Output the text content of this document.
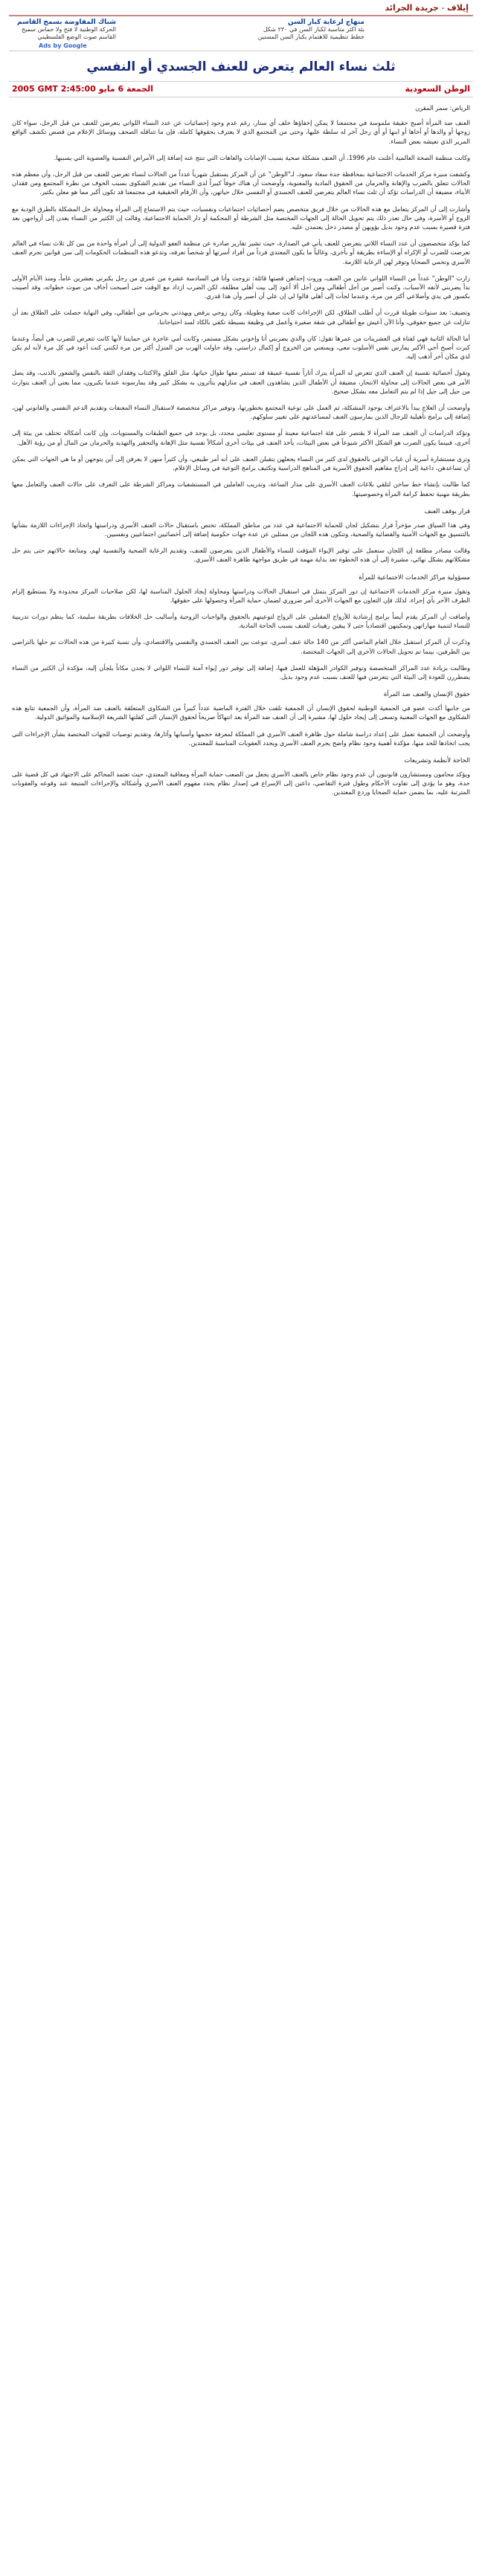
إيلاف - جريدة الجرائد
شباك المفاوضة بسمح القاسم
الحركة الوطنية لا فتح ولا حماس سميح
القاسم صوت الوضع الفلسطيني
Ads by Google
منهاج لرعاية كبار السن
بئة اكثر مناسبة لكبار السن في ٢٣٠ شكل
خطط تنظيمية للاهتمام بكبار السن المسنين
ثلث نساء العالم يتعرض للعنف الجسدي أو النفسي
الوطن السعودية
الجمعة 6 مايو 2005 GMT 2:45:00

الرياض: سمر المقرن

العنف ضد المرأة أصبح حقيقة ملموسة في مجتمعنا لا يمكن إخفاؤها خلف أي ستار، رغم عدم وجود إحصائيات عن عدد النساء اللواتي يتعرضن للعنف من قبل الرجل، سواء كان زوجها أو والدها أو أخاها أو ابنها أو أي رجل آخر له سلطة عليها، وحتى من المجتمع الذي لا يعترف بحقوقها كاملة، فإن ما تتناقله الصحف ووسائل الإعلام من قصص تكشف الواقع المرير الذي تعيشه بعض النساء.

وكانت منظمة الصحة العالمية أعلنت عام 1996، أن العنف مشكلة صحية بسبب الإصابات والعاهات التي تنتج عنه إضافة إلى الأمراض النفسية والعضوية التي يسببها.

وكشفت منيرة مركز الخدمات الاجتماعية بمحافظة جدة سعاد سعود، لـ"الوطن" عن أن المركز يستقبل شهرياً عدداً من الحالات لنساء تعرضن للعنف من قبل الرجل، وأن معظم هذه الحالات تتعلق بالضرب والإهانة والحرمان من الحقوق المادية والمعنوية، وأوضحت أن هناك خوفاً كبيراً لدى النساء من تقديم الشكوى بسبب الخوف من نظرة المجتمع ومن فقدان الأبناء، مضيفة أن الدراسات تؤكد أن ثلث نساء العالم يتعرضن للعنف الجسدي أو النفسي خلال حياتهن، وأن الأرقام الحقيقية في مجتمعنا قد تكون أكبر مما هو معلن بكثير.

وأشارت إلى أن المركز يتعامل مع هذه الحالات من خلال فريق متخصص يضم أخصائيات اجتماعيات ونفسيات، حيث يتم الاستماع إلى المرأة ومحاولة حل المشكلة بالطرق الودية مع الزوج أو الأسرة، وفي حال تعذر ذلك يتم تحويل الحالة إلى الجهات المختصة مثل الشرطة أو المحكمة أو دار الحماية الاجتماعية، وقالت إن الكثير من النساء يعدن إلى أزواجهن بعد فترة قصيرة بسبب عدم وجود بديل يؤويهن أو مصدر دخل يعتمدن عليه.

كما يؤكد متخصصون أن عدد النساء اللاتي يتعرضن للعنف يأتي في الصدارة، حيث تشير تقارير صادرة عن منظمة العفو الدولية إلى أن امرأة واحدة من بين كل ثلاث نساء في العالم تعرضت للضرب أو الإكراه أو الإساءة بطريقة أو بأخرى، وغالباً ما يكون المعتدي فرداً من أفراد أسرتها أو شخصاً تعرفه، وتدعو هذه المنظمات الحكومات إلى سن قوانين تجرم العنف الأسري وتحمي الضحايا وتوفر لهن الرعاية اللازمة.

زارت "الوطن" عدداً من النساء اللواتي عانين من العنف، وروت إحداهن قصتها قائلة: تزوجت وأنا في السادسة عشرة من عمري من رجل يكبرني بعشرين عاماً، ومنذ الأيام الأولى بدأ يضربني لأتفه الأسباب، وكنت أصبر من أجل أطفالي ومن أجل ألا أعود إلى بيت أهلي مطلقة، لكن الضرب ازداد مع الوقت حتى أصبحت أخاف من صوت خطواته، وقد أصيبت بكسور في يدي وأضلاعي أكثر من مرة، وعندما لجأت إلى أهلي قالوا لي إن علي أن أصبر وأن هذا قدري.

وتضيف: بعد سنوات طويلة قررت أن أطلب الطلاق، لكن الإجراءات كانت صعبة وطويلة، وكان زوجي يرفض ويهددني بحرماني من أطفالي، وفي النهاية حصلت على الطلاق بعد أن تنازلت عن جميع حقوقي، وأنا الآن أعيش مع أطفالي في شقة صغيرة وأعمل في وظيفة بسيطة تكفي بالكاد لسد احتياجاتنا.

أما الحالة الثانية فهي لفتاة في العشرينات من عمرها تقول: كان والدي يضربني أنا وإخوتي بشكل مستمر، وكانت أمي عاجزة عن حمايتنا لأنها كانت تتعرض للضرب هي أيضاً، وعندما كبرت أصبح أخي الأكبر يمارس نفس الأسلوب معي، ويمنعني من الخروج أو إكمال دراستي، وقد حاولت الهرب من المنزل أكثر من مرة لكنني كنت أعود في كل مرة لأنه لم يكن لدي مكان آخر أذهب إليه.

وتقول أخصائية نفسية إن العنف الذي تتعرض له المرأة يترك آثاراً نفسية عميقة قد تستمر معها طوال حياتها، مثل القلق والاكتئاب وفقدان الثقة بالنفس والشعور بالذنب، وقد يصل الأمر في بعض الحالات إلى محاولة الانتحار، مضيفة أن الأطفال الذين يشاهدون العنف في منازلهم يتأثرون به بشكل كبير وقد يمارسونه عندما يكبرون، مما يعني أن العنف يتوارث من جيل إلى جيل إذا لم يتم التعامل معه بشكل صحيح.

وأوضحت أن العلاج يبدأ بالاعتراف بوجود المشكلة، ثم العمل على توعية المجتمع بخطورتها، وتوفير مراكز متخصصة لاستقبال النساء المعنفات وتقديم الدعم النفسي والقانوني لهن، إضافة إلى برامج تأهيلية للرجال الذين يمارسون العنف لمساعدتهم على تغيير سلوكهم.

وتؤكد الدراسات أن العنف ضد المرأة لا يقتصر على فئة اجتماعية معينة أو مستوى تعليمي محدد، بل يوجد في جميع الطبقات والمستويات، وإن كانت أشكاله تختلف من بيئة إلى أخرى، فبينما يكون الضرب هو الشكل الأكثر شيوعاً في بعض البيئات، يأخذ العنف في بيئات أخرى أشكالاً نفسية مثل الإهانة والتحقير والتهديد والحرمان من المال أو من رؤية الأهل.

وترى مستشارة أسرية أن غياب الوعي بالحقوق لدى كثير من النساء يجعلهن يتقبلن العنف على أنه أمر طبيعي، وأن كثيراً منهن لا يعرفن إلى أين يتوجهن أو ما هي الجهات التي يمكن أن تساعدهن، داعية إلى إدراج مفاهيم الحقوق الأسرية في المناهج الدراسية وتكثيف برامج التوعية في وسائل الإعلام.

كما طالبت بإنشاء خط ساخن لتلقي بلاغات العنف الأسري على مدار الساعة، وتدريب العاملين في المستشفيات ومراكز الشرطة على التعرف على حالات العنف والتعامل معها بطريقة مهنية تحفظ كرامة المرأة وخصوصيتها.

قرار بوقف العنف

وفي هذا السياق صدر مؤخراً قرار بتشكيل لجان للحماية الاجتماعية في عدد من مناطق المملكة، تختص باستقبال حالات العنف الأسري ودراستها واتخاذ الإجراءات اللازمة بشأنها بالتنسيق مع الجهات الأمنية والقضائية والصحية، وتتكون هذه اللجان من ممثلين عن عدة جهات حكومية إضافة إلى أخصائيين اجتماعيين ونفسيين.

وقالت مصادر مطلعة إن اللجان ستعمل على توفير الإيواء المؤقت للنساء والأطفال الذين يتعرضون للعنف، وتقديم الرعاية الصحية والنفسية لهم، ومتابعة حالاتهم حتى يتم حل مشكلاتهم بشكل نهائي، مشيرة إلى أن هذه الخطوة تعد بداية مهمة في طريق مواجهة ظاهرة العنف الأسري.

مسؤولية مراكز الخدمات الاجتماعية للمرأة

وتقول منيرة مركز الخدمات الاجتماعية إن دور المركز يتمثل في استقبال الحالات ودراستها ومحاولة إيجاد الحلول المناسبة لها، لكن صلاحيات المركز محدودة ولا يستطيع إلزام الطرف الآخر بأي إجراء، لذلك فإن التعاون مع الجهات الأخرى أمر ضروري لضمان حماية المرأة وحصولها على حقوقها.

وأضافت أن المركز يقدم أيضاً برامج إرشادية للأزواج المقبلين على الزواج لتوعيتهم بالحقوق والواجبات الزوجية وأساليب حل الخلافات بطريقة سليمة، كما ينظم دورات تدريبية للنساء لتنمية مهاراتهن وتمكينهن اقتصادياً حتى لا يبقين رهينات للعنف بسبب الحاجة المادية.

وذكرت أن المركز استقبل خلال العام الماضي أكثر من 140 حالة عنف أسري، تنوعت بين العنف الجسدي والنفسي والاقتصادي، وأن نسبة كبيرة من هذه الحالات تم حلها بالتراضي بين الطرفين، بينما تم تحويل الحالات الأخرى إلى الجهات المختصة.

وطالبت بزيادة عدد المراكز المتخصصة وتوفير الكوادر المؤهلة للعمل فيها، إضافة إلى توفير دور إيواء آمنة للنساء اللواتي لا يجدن مكاناً يلجأن إليه، مؤكدة أن الكثير من النساء يضطررن للعودة إلى البيئة التي يتعرضن فيها للعنف بسبب عدم وجود بديل.

حقوق الإنسان والعنف ضد المرأة

من جانبها أكدت عضو في الجمعية الوطنية لحقوق الإنسان أن الجمعية تلقت خلال الفترة الماضية عدداً كبيراً من الشكاوى المتعلقة بالعنف ضد المرأة، وأن الجمعية تتابع هذه الشكاوى مع الجهات المعنية وتسعى إلى إيجاد حلول لها، مشيرة إلى أن العنف ضد المرأة يعد انتهاكاً صريحاً لحقوق الإنسان التي كفلتها الشريعة الإسلامية والمواثيق الدولية.

وأوضحت أن الجمعية تعمل على إعداد دراسة شاملة حول ظاهرة العنف الأسري في المملكة لمعرفة حجمها وأسبابها وآثارها، وتقديم توصيات للجهات المختصة بشأن الإجراءات التي يجب اتخاذها للحد منها، مؤكدة أهمية وجود نظام واضح يجرم العنف الأسري ويحدد العقوبات المناسبة للمعتدين.

الحاجة لأنظمة وتشريعات

ويؤكد محامون ومستشارون قانونيون أن عدم وجود نظام خاص بالعنف الأسري يجعل من الصعب حماية المرأة ومعاقبة المعتدي، حيث تعتمد المحاكم على الاجتهاد في كل قضية على حدة، وهو ما يؤدي إلى تفاوت الأحكام وطول فترة التقاضي، داعين إلى الإسراع في إصدار نظام يحدد مفهوم العنف الأسري وأشكاله والإجراءات المتبعة عند وقوعه والعقوبات المترتبة عليه، بما يضمن حماية الضحايا وردع المعتدين.
